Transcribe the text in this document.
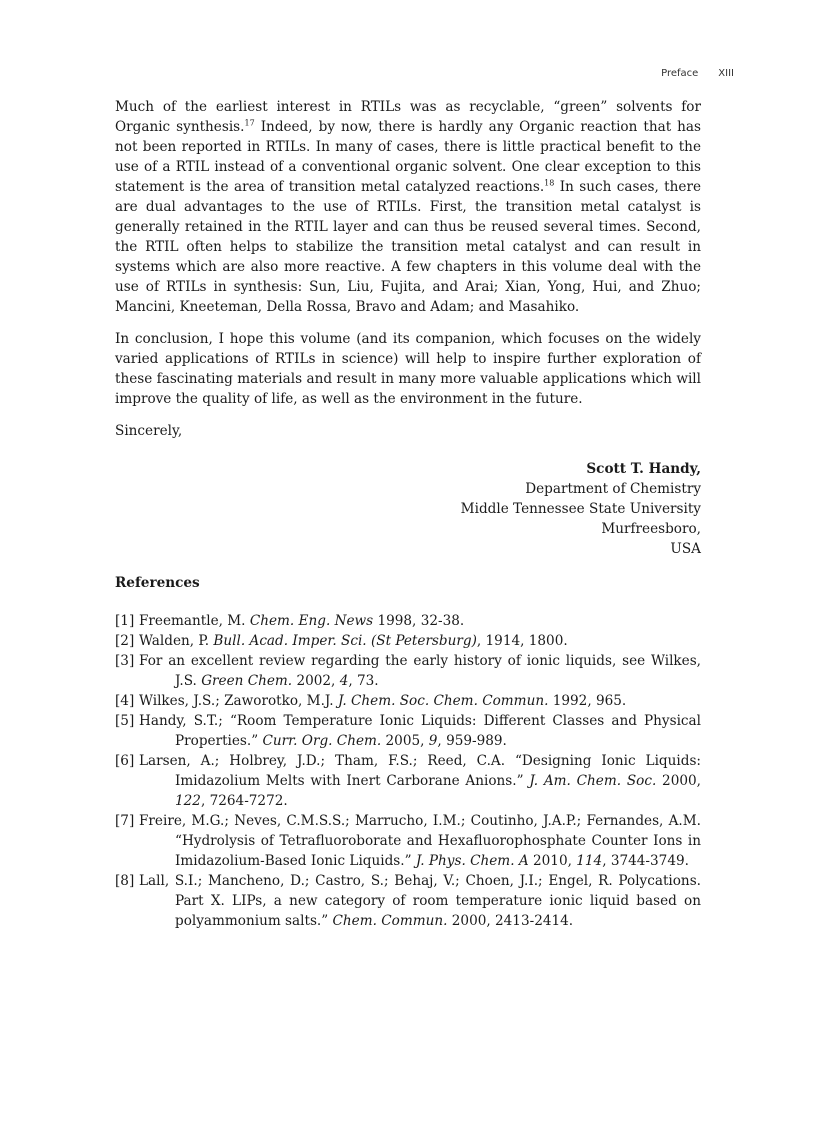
Preface XIII

Much of the earliest interest in RTILs was as recyclable, “green” solvents for Organic synthesis.$^{17}$ Indeed, by now, there is hardly any Organic reaction that has not been reported in RTILs. In many of cases, there is little practical benefit to the use of a RTIL instead of a conventional organic solvent. One clear exception to this statement is the area of transition metal catalyzed reactions.$^{18}$ In such cases, there are dual advantages to the use of RTILs. First, the transition metal catalyst is generally retained in the RTIL layer and can thus be reused several times. Second, the RTIL often helps to stabilize the transition metal catalyst and can result in systems which are also more reactive. A few chapters in this volume deal with the use of RTILs in synthesis: Sun, Liu, Fujita, and Arai; Xian, Yong, Hui, and Zhuo; Mancini, Kneeteman, Della Rossa, Bravo and Adam; and Masahiko.

In conclusion, I hope this volume (and its companion, which focuses on the widely varied applications of RTILs in science) will help to inspire further exploration of these fascinating materials and result in many more valuable applications which will improve the quality of life, as well as the environment in the future.

Sincerely,

Scott T. Handy,
Department of Chemistry
Middle Tennessee State University
Murfreesboro,
USA
References
[1] Freemantle, M. Chem. Eng. News 1998, 32-38.
[2] Walden, P. Bull. Acad. Imper. Sci. (St Petersburg), 1914, 1800.
[3] For an excellent review regarding the early history of ionic liquids, see Wilkes, J.S. Green Chem. 2002, 4, 73.
[4] Wilkes, J.S.; Zaworotko, M.J. J. Chem. Soc. Chem. Commun. 1992, 965.
[5] Handy, S.T.; “Room Temperature Ionic Liquids: Different Classes and Physical Properties.” Curr. Org. Chem. 2005, 9, 959-989.
[6] Larsen, A.; Holbrey, J.D.; Tham, F.S.; Reed, C.A. “Designing Ionic Liquids: Imidazolium Melts with Inert Carborane Anions.” J. Am. Chem. Soc. 2000, 122, 7264-7272.
[7] Freire, M.G.; Neves, C.M.S.S.; Marrucho, I.M.; Coutinho, J.A.P.; Fernandes, A.M. “Hydrolysis of Tetrafluoroborate and Hexafluorophosphate Counter Ions in Imidazolium-Based Ionic Liquids.” J. Phys. Chem. A 2010, 114, 3744-3749.
[8] Lall, S.I.; Mancheno, D.; Castro, S.; Behaj, V.; Choen, J.I.; Engel, R. Polycations. Part X. LIPs, a new category of room temperature ionic liquid based on polyammonium salts.” Chem. Commun. 2000, 2413-2414.
